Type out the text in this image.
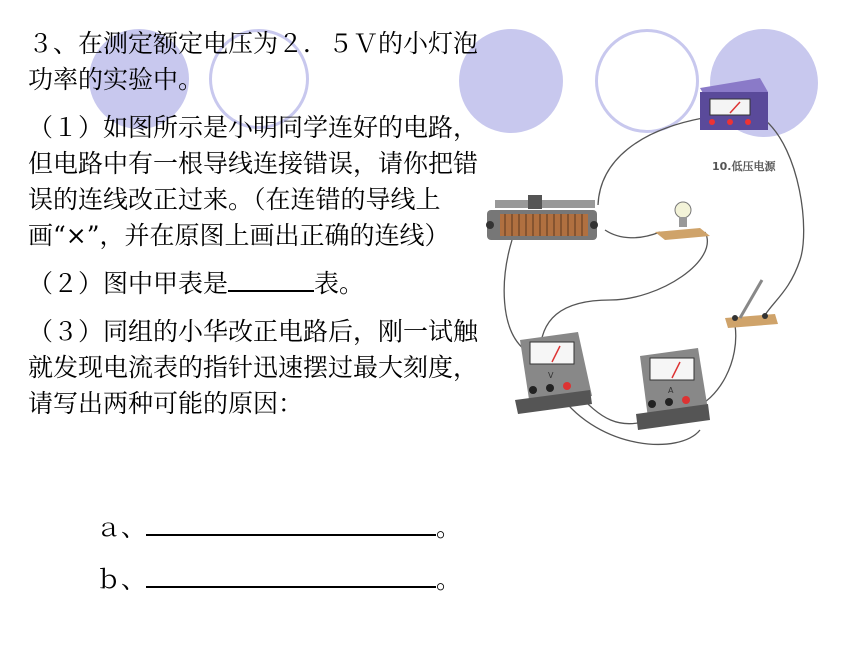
３、在测定额定电压为２．５Ｖ的小灯泡功率的实验中。

（１）如图所示是小明同学连好的电路，但电路中有一根导线连接错误，请你把错误的连线改正过来。（在连错的导线上画“×”，并在原图上画出正确的连线）

（２）图中甲表是	表。

（３）同组的小华改正电路后，刚一试触就发现电流表的指针迅速摆过最大刻度，请写出两种可能的原因：

ａ、	。
ｂ、	。
10.低压电源
V
A
